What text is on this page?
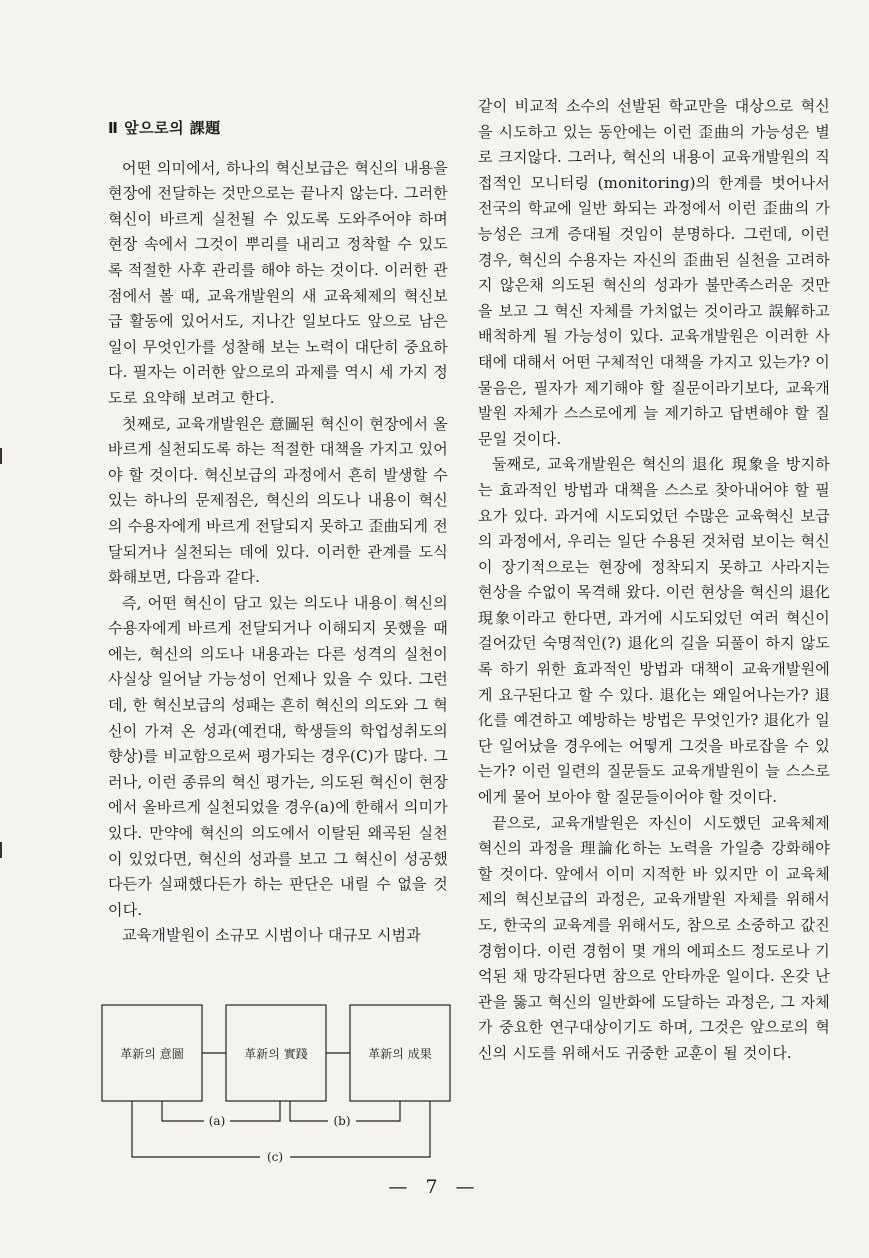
Ⅱ 앞으로의 課題

어떤 의미에서, 하나의 혁신보급은 혁신의 내용을 현장에 전달하는 것만으로는 끝나지 않는다. 그러한 혁신이 바르게 실천될 수 있도록 도와주어야 하며 현장 속에서 그것이 뿌리를 내리고 정착할 수 있도록 적절한 사후 관리를 해야 하는 것이다. 이러한 관점에서 볼 때, 교육개발원의 새 교육체제의 혁신보급 활동에 있어서도, 지나간 일보다도 앞으로 남은 일이 무엇인가를 성찰해 보는 노력이 대단히 중요하다. 필자는 이러한 앞으로의 과제를 역시 세 가지 정도로 요약해 보려고 한다.

첫째로, 교육개발원은 意圖된 혁신이 현장에서 올바르게 실천되도록 하는 적절한 대책을 가지고 있어야 할 것이다. 혁신보급의 과정에서 흔히 발생할 수 있는 하나의 문제점은, 혁신의 의도나 내용이 혁신의 수용자에게 바르게 전달되지 못하고 歪曲되게 전달되거나 실천되는 데에 있다. 이러한 관계를 도식화해보면, 다음과 같다.

즉, 어떤 혁신이 담고 있는 의도나 내용이 혁신의 수용자에게 바르게 전달되거나 이해되지 못했을 때에는, 혁신의 의도나 내용과는 다른 성격의 실천이 사실상 일어날 가능성이 언제나 있을 수 있다. 그런데, 한 혁신보급의 성패는 흔히 혁신의 의도와 그 혁신이 가져 온 성과(예컨대, 학생들의 학업성취도의 향상)를 비교함으로써 평가되는 경우(C)가 많다. 그러나, 이런 종류의 혁신 평가는, 의도된 혁신이 현장에서 올바르게 실천되었을 경우(a)에 한해서 의미가 있다. 만약에 혁신의 의도에서 이탈된 왜곡된 실천이 있었다면, 혁신의 성과를 보고 그 혁신이 성공했다든가 실패했다든가 하는 판단은 내릴 수 없을 것이다.

교육개발원이 소규모 시범이나 대규모 시범과

革新의 意圖	革新의 實踐	革新의 成果
(a)	(b)
(c)

같이 비교적 소수의 선발된 학교만을 대상으로 혁신을 시도하고 있는 동안에는 이런 歪曲의 가능성은 별로 크지않다. 그러나, 혁신의 내용이 교육개발원의 직접적인 모니터링 (monitoring)의 한계를 벗어나서 전국의 학교에 일반 화되는 과정에서 이런 歪曲의 가능성은 크게 증대될 것임이 분명하다. 그런데, 이런 경우, 혁신의 수용자는 자신의 歪曲된 실천을 고려하지 않은채 의도된 혁신의 성과가 불만족스러운 것만을 보고 그 혁신 자체를 가치없는 것이라고 誤解하고 배척하게 될 가능성이 있다. 교육개발원은 이러한 사태에 대해서 어떤 구체적인 대책을 가지고 있는가? 이 물음은, 필자가 제기해야 할 질문이라기보다, 교육개발원 자체가 스스로에게 늘 제기하고 답변해야 할 질문일 것이다.

둘째로, 교육개발원은 혁신의 退化 現象을 방지하는 효과적인 방법과 대책을 스스로 찾아내어야 할 필요가 있다. 과거에 시도되었던 수많은 교육혁신 보급의 과정에서, 우리는 일단 수용된 것처럼 보이는 혁신이 장기적으로는 현장에 정착되지 못하고 사라지는 현상을 수없이 목격해 왔다. 이런 현상을 혁신의 退化 現象이라고 한다면, 과거에 시도되었던 여러 혁신이 걸어갔던 숙명적인(?) 退化의 길을 되풀이 하지 않도록 하기 위한 효과적인 방법과 대책이 교육개발원에게 요구된다고 할 수 있다. 退化는 왜일어나는가? 退化를 예견하고 예방하는 방법은 무엇인가? 退化가 일단 일어났을 경우에는 어떻게 그것을 바로잡을 수 있는가? 이런 일련의 질문들도 교육개발원이 늘 스스로에게 물어 보아야 할 질문들이어야 할 것이다.

끝으로, 교육개발원은 자신이 시도했던 교육체제 혁신의 과정을 理論化하는 노력을 가일층 강화해야 할 것이다. 앞에서 이미 지적한 바 있지만 이 교육체제의 혁신보급의 과정은, 교육개발원 자체를 위해서도, 한국의 교육계를 위해서도, 참으로 소중하고 값진 경험이다. 이런 경험이 몇 개의 에피소드 정도로나 기억된 채 망각된다면 참으로 안타까운 일이다. 온갖 난관을 뚫고 혁신의 일반화에 도달하는 과정은, 그 자체가 중요한 연구대상이기도 하며, 그것은 앞으로의 혁신의 시도를 위해서도 귀중한 교훈이 될 것이다.

— 7 —
